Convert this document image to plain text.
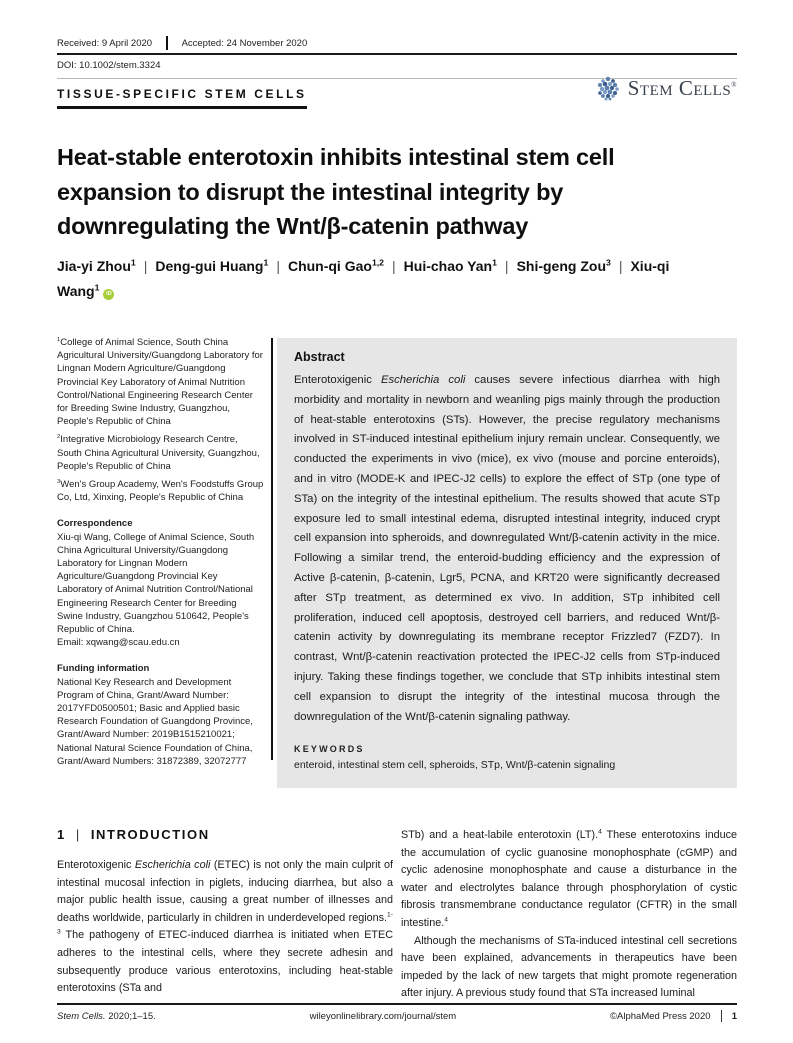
Received: 9 April 2020	Accepted: 24 November 2020
DOI: 10.1002/stem.3324
TISSUE-SPECIFIC STEM CELLS	Stem Cells®
Heat-stable enterotoxin inhibits intestinal stem cell expansion to disrupt the intestinal integrity by downregulating the Wnt/β-catenin pathway
Jia-yi Zhou$^1$ | Deng-gui Huang$^1$ | Chun-qi Gao$^{1,2}$ | Hui-chao Yan$^1$ | Shi-geng Zou$^3$ | Xiu-qi Wang$^1$iD
$^1$College of Animal Science, South China Agricultural University/Guangdong Laboratory for Lingnan Modern Agriculture/Guangdong Provincial Key Laboratory of Animal Nutrition Control/National Engineering Research Center for Breeding Swine Industry, Guangzhou, People's Republic of China
$^2$Integrative Microbiology Research Centre, South China Agricultural University, Guangzhou, People's Republic of China
$^3$Wen's Group Academy, Wen's Foodstuffs Group Co, Ltd, Xinxing, People's Republic of China
Correspondence
Xiu-qi Wang, College of Animal Science, South China Agricultural University/Guangdong Laboratory for Lingnan Modern Agriculture/Guangdong Provincial Key Laboratory of Animal Nutrition Control/National Engineering Research Center for Breeding Swine Industry, Guangzhou 510642, People's Republic of China.
Email: xqwang@scau.edu.cn
Funding information
National Key Research and Development Program of China, Grant/Award Number: 2017YFD0500501; Basic and Applied basic Research Foundation of Guangdong Province, Grant/Award Number: 2019B1515210021; National Natural Science Foundation of China, Grant/Award Numbers: 31872389, 32072777
Abstract
Enterotoxigenic Escherichia coli causes severe infectious diarrhea with high morbidity and mortality in newborn and weanling pigs mainly through the production of heat-stable enterotoxins (STs). However, the precise regulatory mechanisms involved in ST-induced intestinal epithelium injury remain unclear. Consequently, we conducted the experiments in vivo (mice), ex vivo (mouse and porcine enteroids), and in vitro (MODE-K and IPEC-J2 cells) to explore the effect of STp (one type of STa) on the integrity of the intestinal epithelium. The results showed that acute STp exposure led to small intestinal edema, disrupted intestinal integrity, induced crypt cell expansion into spheroids, and downregulated Wnt/β-catenin activity in the mice. Following a similar trend, the enteroid-budding efficiency and the expression of Active β-catenin, β-catenin, Lgr5, PCNA, and KRT20 were significantly decreased after STp treatment, as determined ex vivo. In addition, STp inhibited cell proliferation, induced cell apoptosis, destroyed cell barriers, and reduced Wnt/β-catenin activity by downregulating its membrane receptor Frizzled7 (FZD7). In contrast, Wnt/β-catenin reactivation protected the IPEC-J2 cells from STp-induced injury. Taking these findings together, we conclude that STp inhibits intestinal stem cell expansion to disrupt the integrity of the intestinal mucosa through the downregulation of the Wnt/β-catenin signaling pathway.
KEYWORDS
enteroid, intestinal stem cell, spheroids, STp, Wnt/β-catenin signaling
1 | INTRODUCTION

Enterotoxigenic Escherichia coli (ETEC) is not only the main culprit of intestinal mucosal infection in piglets, inducing diarrhea, but also a major public health issue, causing a great number of illnesses and deaths worldwide, particularly in children in underdeveloped regions.$^{1-3}$ The pathogeny of ETEC-induced diarrhea is initiated when ETEC adheres to the intestinal cells, where they secrete adhesin and subsequently produce various enterotoxins, including heat-stable enterotoxins (STa and

STb) and a heat-labile enterotoxin (LT).$^4$ These enterotoxins induce the accumulation of cyclic guanosine monophosphate (cGMP) and cyclic adenosine monophosphate and cause a disturbance in the water and electrolytes balance through phosphorylation of cystic fibrosis transmembrane conductance regulator (CFTR) in the small intestine.$^4$

Although the mechanisms of STa-induced intestinal cell secretions have been explained, advancements in therapeutics have been impeded by the lack of new targets that might promote regeneration after injury. A previous study found that STa increased luminal

Stem Cells. 2020;1–15.	wileyonlinelibrary.com/journal/stem	©AlphaMed Press 2020 1
